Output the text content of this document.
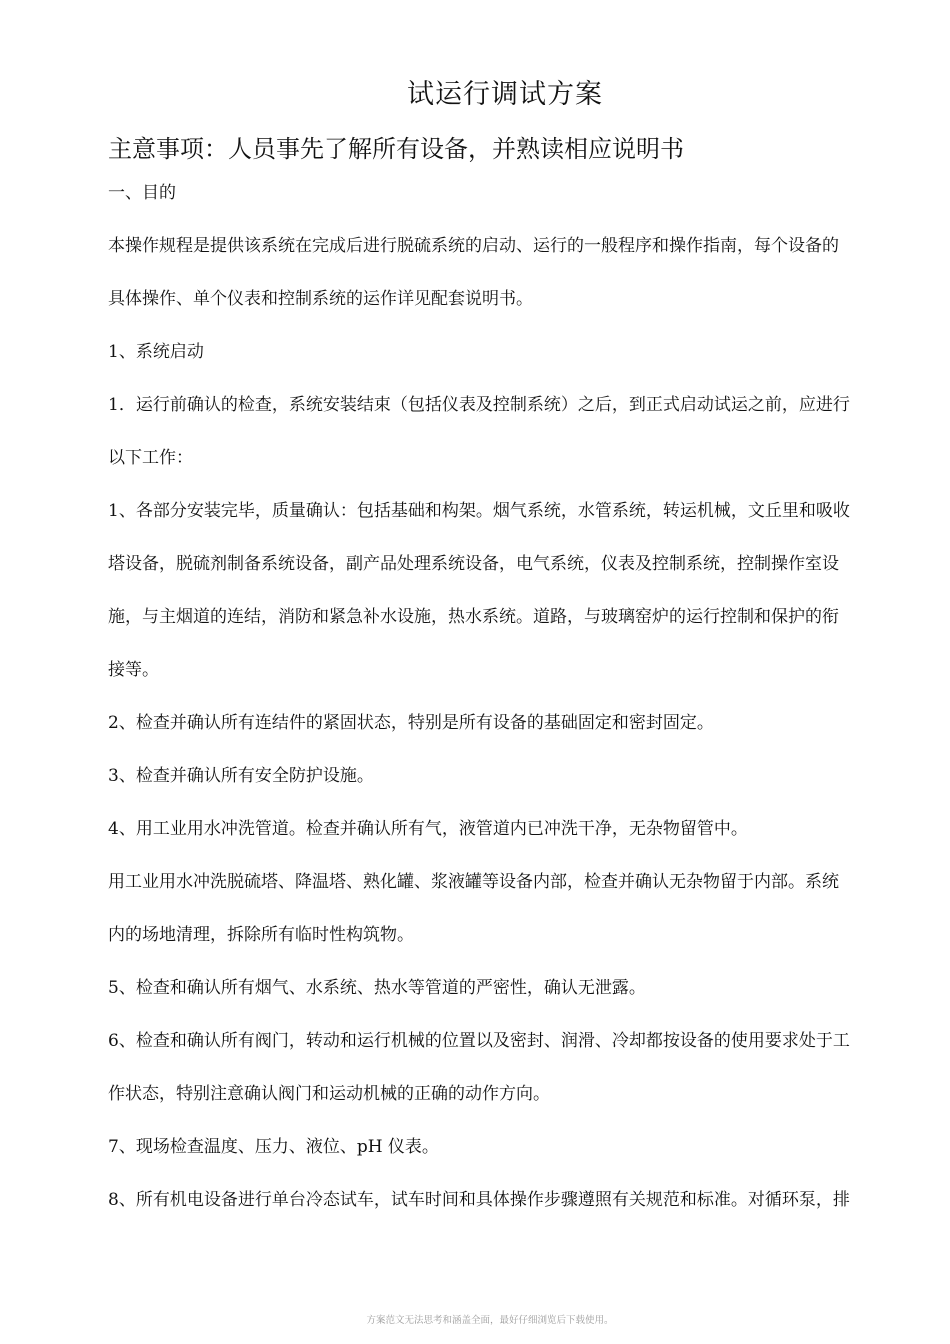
试运行调试方案
主意事项：人员事先了解所有设备，并熟读相应说明书
一、目的
本操作规程是提供该系统在完成后进行脱硫系统的启动、运行的一般程序和操作指南，每个设备的
具体操作、单个仪表和控制系统的运作详见配套说明书。
1、系统启动
1．运行前确认的检查，系统安装结束（包括仪表及控制系统）之后，到正式启动试运之前，应进行
以下工作：
1、各部分安装完毕，质量确认：包括基础和构架。烟气系统，水管系统，转运机械，文丘里和吸收
塔设备，脱硫剂制备系统设备，副产品处理系统设备，电气系统，仪表及控制系统，控制操作室设
施，与主烟道的连结，消防和紧急补水设施，热水系统。道路，与玻璃窑炉的运行控制和保护的衔
接等。
2、检查并确认所有连结件的紧固状态，特别是所有设备的基础固定和密封固定。
3、检查并确认所有安全防护设施。
4、用工业用水冲洗管道。检查并确认所有气，液管道内已冲洗干净，无杂物留管中。
用工业用水冲洗脱硫塔、降温塔、熟化罐、浆液罐等设备内部，检查并确认无杂物留于内部。系统
内的场地清理，拆除所有临时性构筑物。
5、检查和确认所有烟气、水系统、热水等管道的严密性，确认无泄露。
6、检查和确认所有阀门，转动和运行机械的位置以及密封、润滑、冷却都按设备的使用要求处于工
作状态，特别注意确认阀门和运动机械的正确的动作方向。
7、现场检查温度、压力、液位、pH 仪表。
8、所有机电设备进行单台冷态试车，试车时间和具体操作步骤遵照有关规范和标准。对循环泵，排
方案范文无法思考和涵盖全面，最好仔细浏览后下载使用。
